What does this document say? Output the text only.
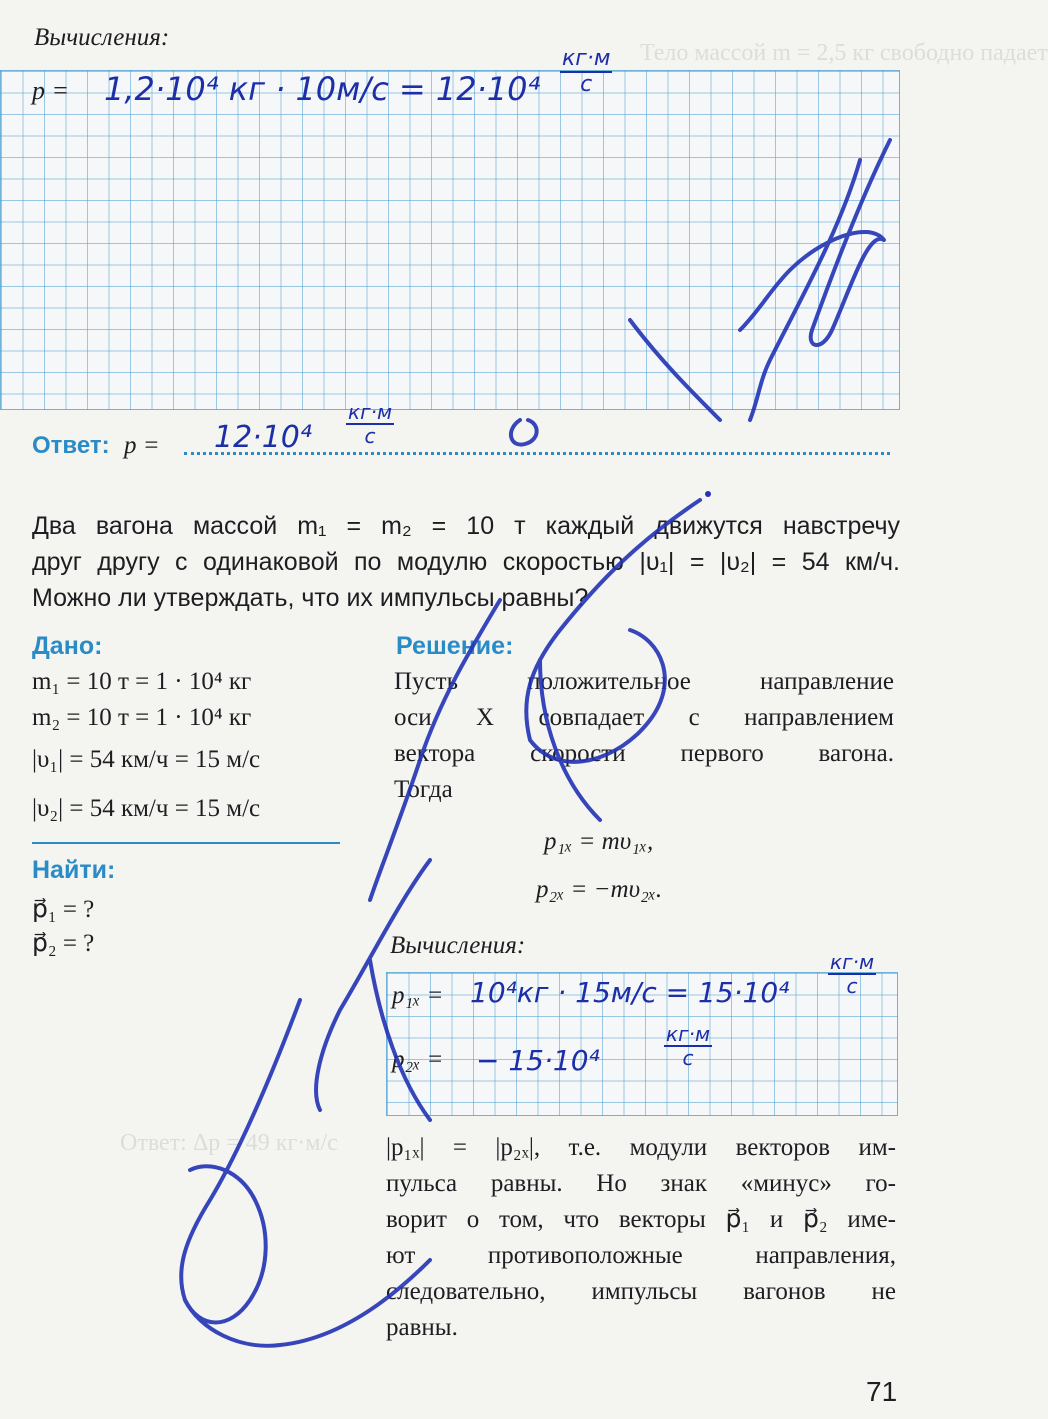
Тело массой m = 2,5 кг свободно падает
Ответ: Δp = 49 кг·м/с
Вычисления:
p = 1,2·10⁴ кг · $10м/с = 12\cdot 10^4 \frac{кг\cdot м}{с}$
Ответ: $p = 12\cdot 10^4 \frac{кг\cdot м}{с}$
Два вагона массой m₁ = m₂ = 10 т каждый движутся навстречу
друг другу с одинаковой по модулю скоростью |υ₁| = |υ₂| = 54 км/ч.
Можно ли утверждать, что их импульсы равны?
Дано:
m₁ = 10 т = 1 · 10⁴ кг
m₂ = 10 т = 1 · 10⁴ кг
|υ₁| = 54 км/ч = 15 м/с
|υ₂| = 54 км/ч = 15 м/с
Найти:
p⃗₁ = ?
p⃗₂ = ?
Решение:
Пусть положительное направление
оси X совпадает с направлением
вектора скорости первого вагона.
Тогда
p₁ₓ = mυ₁ₓ,
p₂ₓ = −mυ₂ₓ.
Вычисления:
$p_{1x} = 10^4кг \cdot 15м/с = 15\cdot 10^4 \frac{кг\cdot м}{с}$
p₂ₓ = − 15·10⁴	$\frac{кг\cdot м}{с}$
|p₁ₓ| = |p₂ₓ|, т.е. модули векторов им-
пульса равны. Но знак «минус» го-
ворит о том, что векторы p⃗₁ и p⃗₂ име-
ют противоположные направления,
следовательно, импульсы вагонов не
равны.
71
